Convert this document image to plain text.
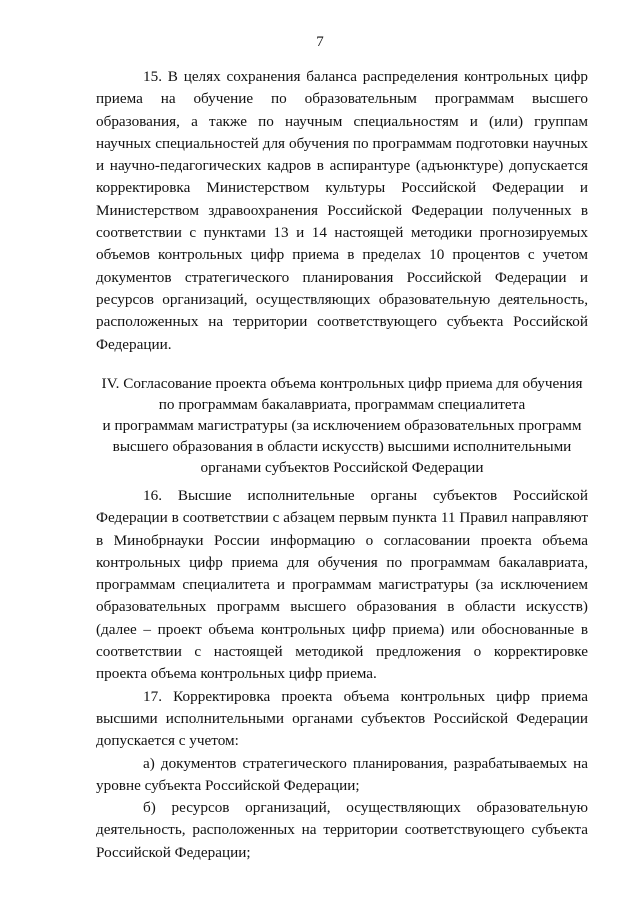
7

15. В целях сохранения баланса распределения контрольных цифр приема на обучение по образовательным программам высшего образования, а также по научным специальностям и (или) группам научных специальностей для обучения по программам подготовки научных и научно-педагогических кадров в аспирантуре (адъюнктуре) допускается корректировка Министерством культуры Российской Федерации и Министерством здравоохранения Российской Федерации полученных в соответствии с пунктами 13 и 14 настоящей методики прогнозируемых объемов контрольных цифр приема в пределах 10 процентов с учетом документов стратегического планирования Российской Федерации и ресурсов организаций, осуществляющих образовательную деятельность, расположенных на территории соответствующего субъекта Российской Федерации.

IV. Согласование проекта объема контрольных цифр приема для обучения
по программам бакалавриата, программам специалитета
и программам магистратуры (за исключением образовательных программ
высшего образования в области искусств) высшими исполнительными
органами субъектов Российской Федерации

16. Высшие исполнительные органы субъектов Российской Федерации в соответствии с абзацем первым пункта 11 Правил направляют в Минобрнауки России информацию о согласовании проекта объема контрольных цифр приема для обучения по программам бакалавриата, программам специалитета и программам магистратуры (за исключением образовательных программ высшего образования в области искусств) (далее – проект объема контрольных цифр приема) или обоснованные в соответствии с настоящей методикой предложения о корректировке проекта объема контрольных цифр приема.

17. Корректировка проекта объема контрольных цифр приема высшими исполнительными органами субъектов Российской Федерации допускается с учетом:

а) документов стратегического планирования, разрабатываемых на уровне субъекта Российской Федерации;

б) ресурсов организаций, осуществляющих образовательную деятельность, расположенных на территории соответствующего субъекта Российской Федерации;
